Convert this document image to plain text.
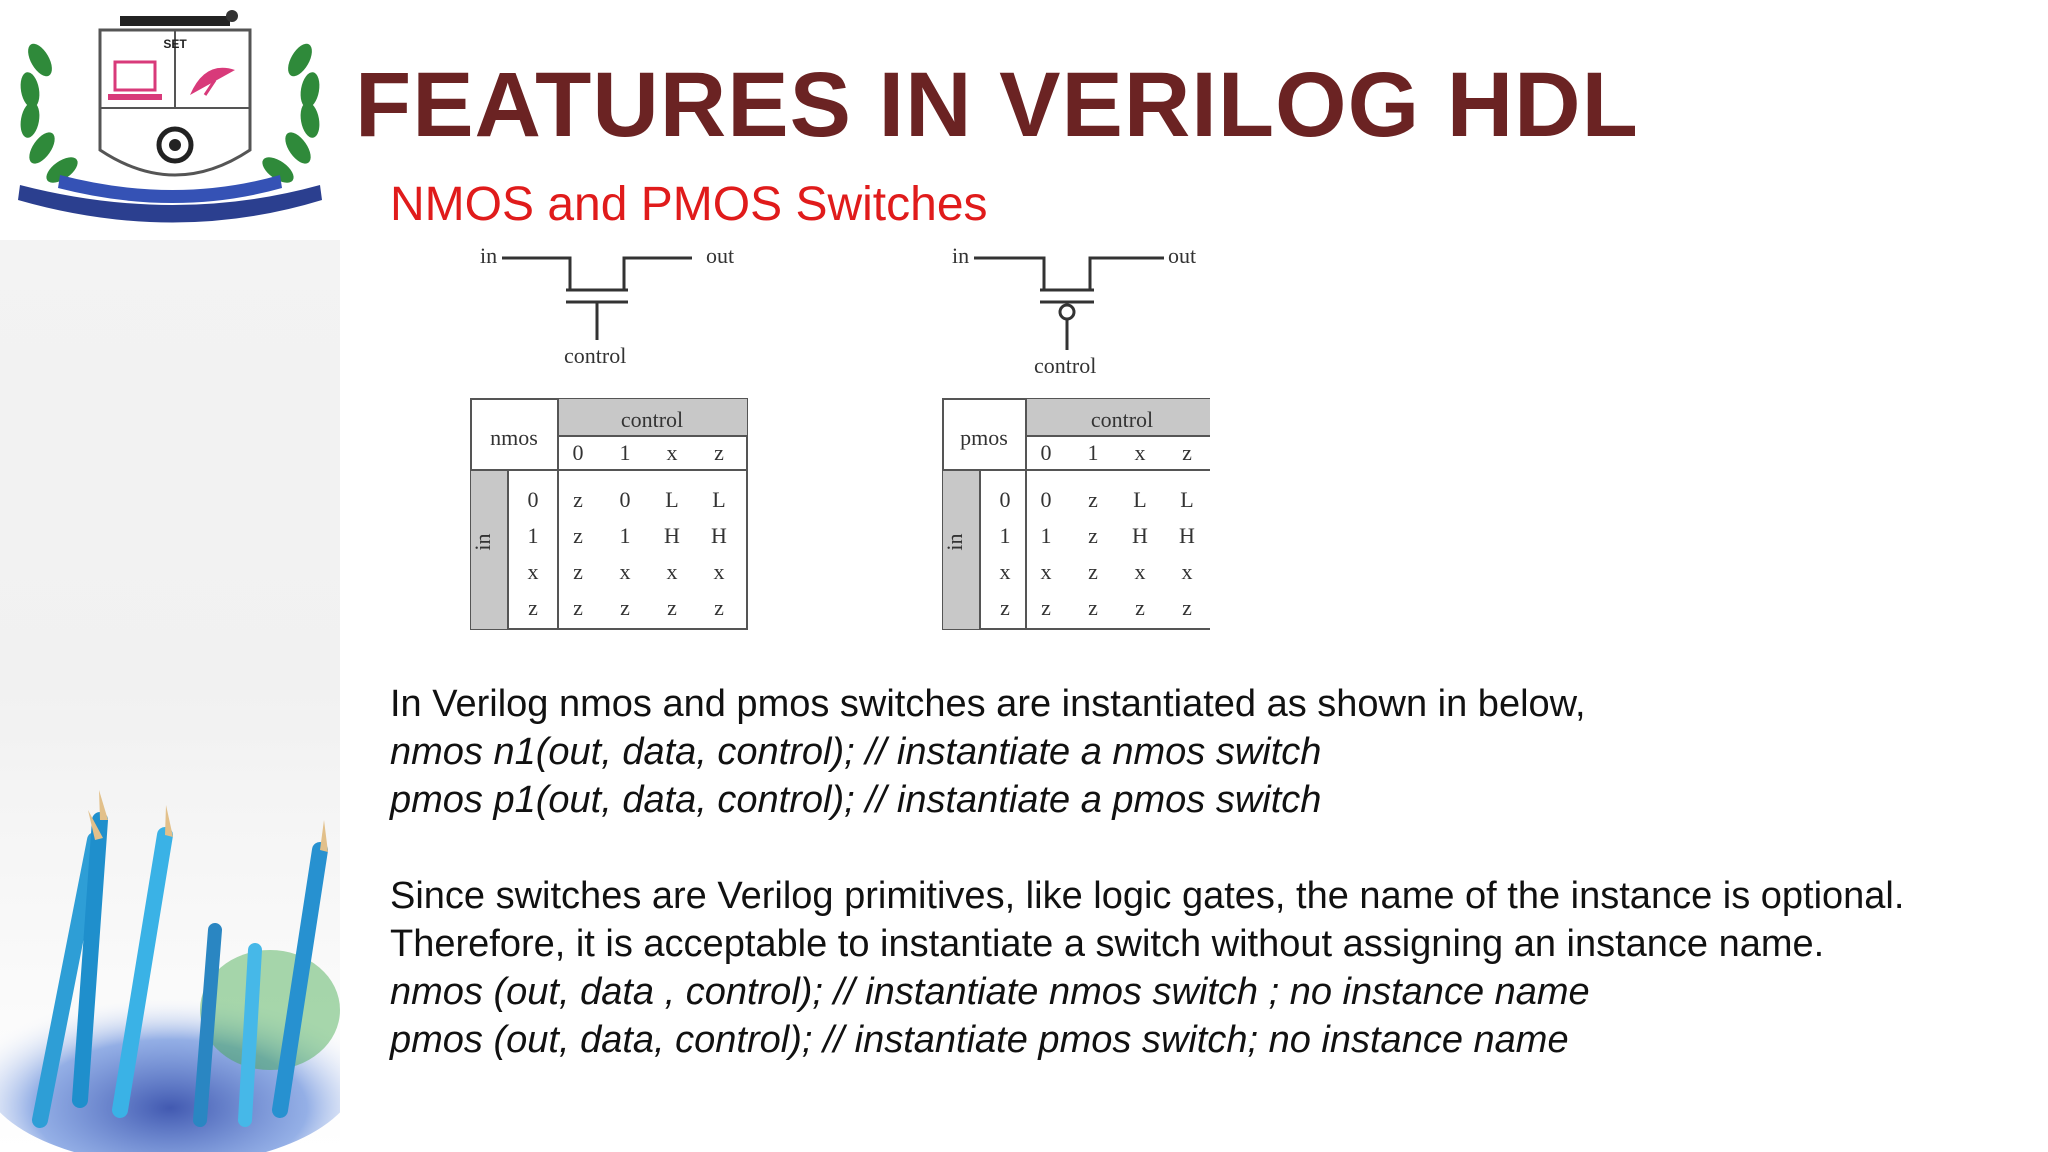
SET
FEATURES IN VERILOG HDL
NMOS and PMOS Switches
in	out
control
in	out
control
nmos
control
in
0 1 x z
0 z 0 L L
1 z 1 H H
x z x x x
z z z z z
pmos
control
in
0 1 x z
0 0 z L L
1 1 z H H
x x z x x
z z z z z
In Verilog nmos and pmos switches are instantiated as shown in below,
nmos n1(out, data, control); // instantiate a nmos switch
pmos p1(out, data, control); // instantiate a pmos switch
Since switches are Verilog primitives, like logic gates, the name of the instance is optional. Therefore, it is acceptable to instantiate a switch without assigning an instance name.
nmos (out, data , control); // instantiate nmos switch ; no instance name
pmos (out, data, control); // instantiate pmos switch; no instance name
